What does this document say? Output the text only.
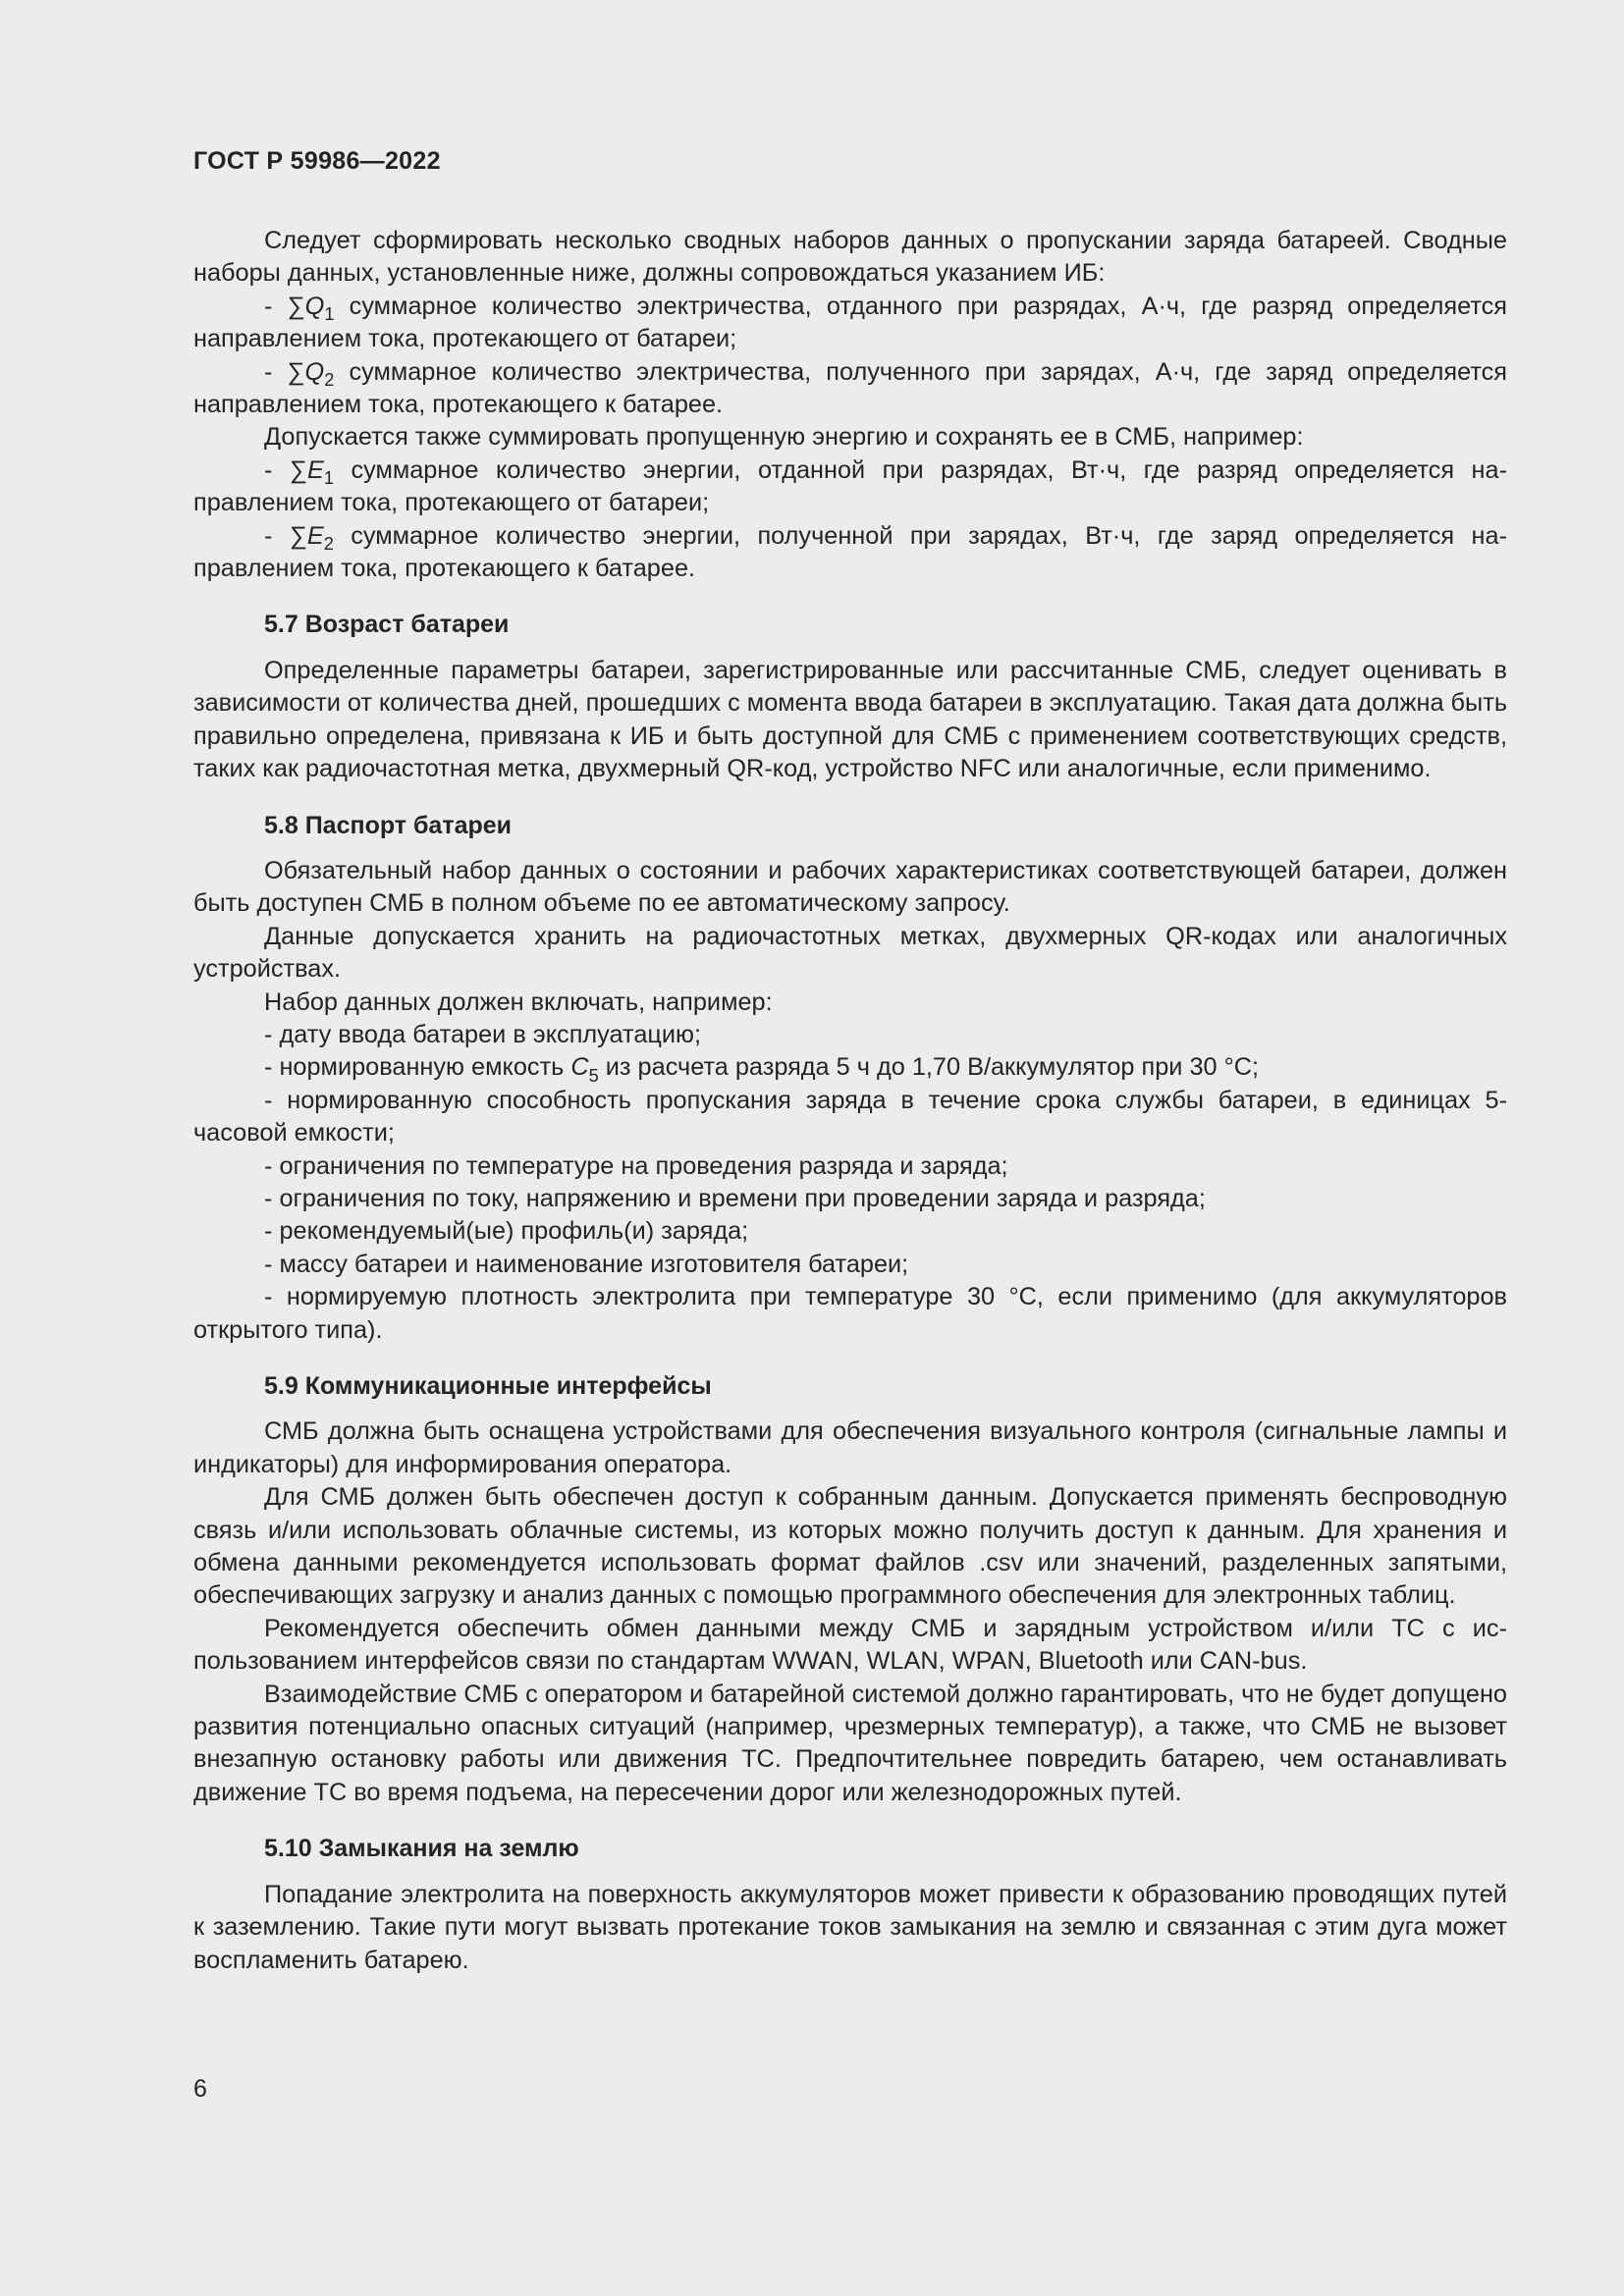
ГОСТ Р 59986—2022

Следует сформировать несколько сводных наборов данных о пропускании заряда батареей. Сводные наборы данных, установленные ниже, должны сопровождаться указанием ИБ:

- $\sum Q_1$ суммарное количество электричества, отданного при разрядах, А·ч, где разряд определяется направлением тока, протекающего от батареи;

- $\sum Q_2$ суммарное количество электричества, полученного при зарядах, А·ч, где заряд определяется направлением тока, протекающего к батарее.

Допускается также суммировать пропущенную энергию и сохранять ее в СМБ, например:

- $\sum E_1$ суммарное количество энергии, отданной при разрядах, Вт·ч, где разряд определяется направлением тока, протекающего от батареи;

- $\sum E_2$ суммарное количество энергии, полученной при зарядах, Вт·ч, где заряд определяется направлением тока, протекающего к батарее.

5.7 Возраст батареи

Определенные параметры батареи, зарегистрированные или рассчитанные СМБ, следует оценивать в зависимости от количества дней, прошедших с момента ввода батареи в эксплуатацию. Такая дата должна быть правильно определена, привязана к ИБ и быть доступной для СМБ с применением соответствующих средств, таких как радиочастотная метка, двухмерный QR-код, устройство NFC или аналогичные, если применимо.

5.8 Паспорт батареи

Обязательный набор данных о состоянии и рабочих характеристиках соответствующей батареи, должен быть доступен СМБ в полном объеме по ее автоматическому запросу.

Данные допускается хранить на радиочастотных метках, двухмерных QR-кодах или аналогичных устройствах.

Набор данных должен включать, например:

- дату ввода батареи в эксплуатацию;

- нормированную емкость $C_5$ из расчета разряда 5 ч до 1,70 В/аккумулятор при 30 °С;

- нормированную способность пропускания заряда в течение срока службы батареи, в единицах 5-часовой емкости;

- ограничения по температуре на проведения разряда и заряда;

- ограничения по току, напряжению и времени при проведении заряда и разряда;

- рекомендуемый(ые) профиль(и) заряда;

- массу батареи и наименование изготовителя батареи;

- нормируемую плотность электролита при температуре 30 °С, если применимо (для аккумуляторов открытого типа).

5.9 Коммуникационные интерфейсы

СМБ должна быть оснащена устройствами для обеспечения визуального контроля (сигнальные лампы и индикаторы) для информирования оператора.

Для СМБ должен быть обеспечен доступ к собранным данным. Допускается применять беспроводную связь и/или использовать облачные системы, из которых можно получить доступ к данным. Для хранения и обмена данными рекомендуется использовать формат файлов .csv или значений, разделенных запятыми, обеспечивающих загрузку и анализ данных с помощью программного обеспечения для электронных таблиц.

Рекомендуется обеспечить обмен данными между СМБ и зарядным устройством и/или ТС с использованием интерфейсов связи по стандартам WWAN, WLAN, WPAN, Bluetooth или CAN-bus.

Взаимодействие СМБ с оператором и батарейной системой должно гарантировать, что не будет допущено развития потенциально опасных ситуаций (например, чрезмерных температур), а также, что СМБ не вызовет внезапную остановку работы или движения ТС. Предпочтительнее повредить батарею, чем останавливать движение ТС во время подъема, на пересечении дорог или железнодорожных путей.

5.10 Замыкания на землю

Попадание электролита на поверхность аккумуляторов может привести к образованию проводящих путей к заземлению. Такие пути могут вызвать протекание токов замыкания на землю и связанная с этим дуга может воспламенить батарею.

6
